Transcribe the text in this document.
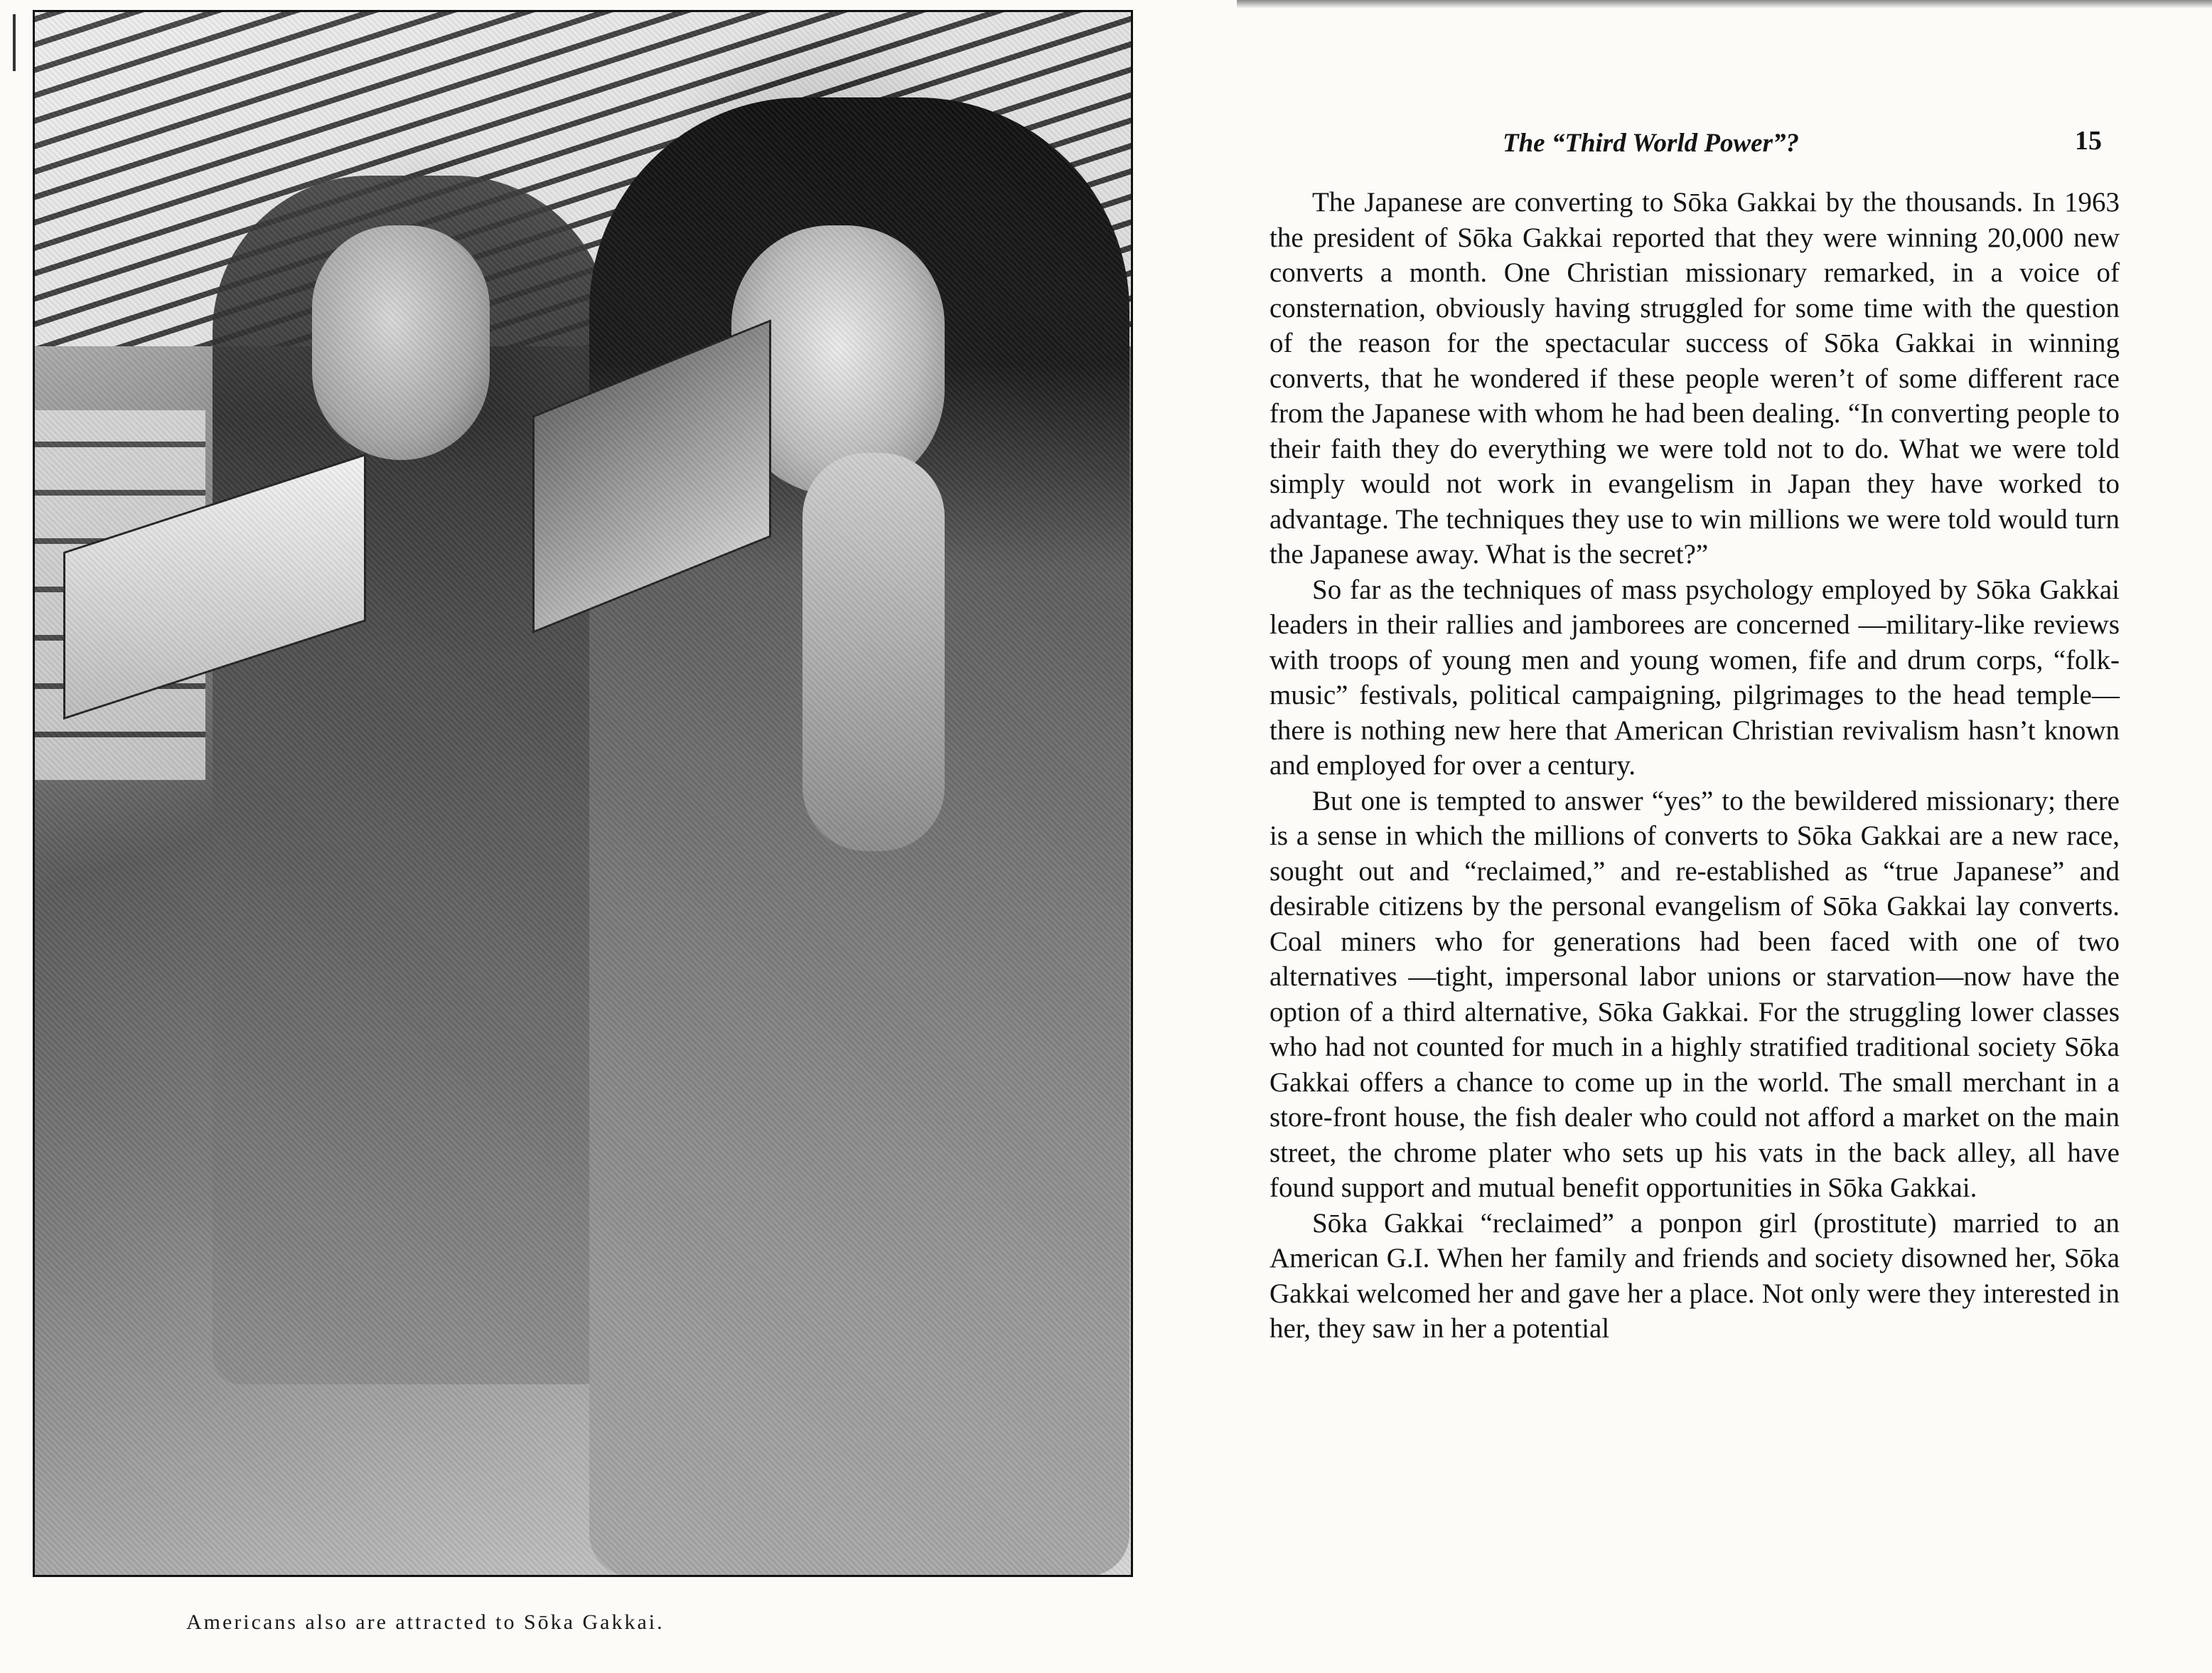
Americans also are attracted to Sōka Gakkai.
The “Third World Power”?	15

The Japanese are converting to Sōka Gakkai by the thousands. In 1963 the president of Sōka Gakkai reported that they were winning 20,000 new converts a month. One Christian missionary remarked, in a voice of consternation, obviously having struggled for some time with the question of the reason for the spectacular success of Sōka Gakkai in winning converts, that he wondered if these people weren’t of some different race from the Japanese with whom he had been dealing. “In converting people to their faith they do everything we were told not to do. What we were told simply would not work in evangelism in Japan they have worked to advantage. The techniques they use to win millions we were told would turn the Japanese away. What is the secret?”

So far as the techniques of mass psychology employed by Sōka Gakkai leaders in their rallies and jamborees are concerned —military-like reviews with troops of young men and young women, fife and drum corps, “folk-music” festivals, political campaigning, pilgrimages to the head temple—there is nothing new here that American Christian revivalism hasn’t known and employed for over a century.

But one is tempted to answer “yes” to the bewildered missionary; there is a sense in which the millions of converts to Sōka Gakkai are a new race, sought out and “reclaimed,” and re-established as “true Japanese” and desirable citizens by the personal evangelism of Sōka Gakkai lay converts. Coal miners who for generations had been faced with one of two alternatives —tight, impersonal labor unions or starvation—now have the option of a third alternative, Sōka Gakkai. For the struggling lower classes who had not counted for much in a highly stratified traditional society Sōka Gakkai offers a chance to come up in the world. The small merchant in a store-front house, the fish dealer who could not afford a market on the main street, the chrome plater who sets up his vats in the back alley, all have found support and mutual benefit opportunities in Sōka Gakkai.

Sōka Gakkai “reclaimed” a ponpon girl (prostitute) married to an American G.I. When her family and friends and society disowned her, Sōka Gakkai welcomed her and gave her a place. Not only were they interested in her, they saw in her a potential
